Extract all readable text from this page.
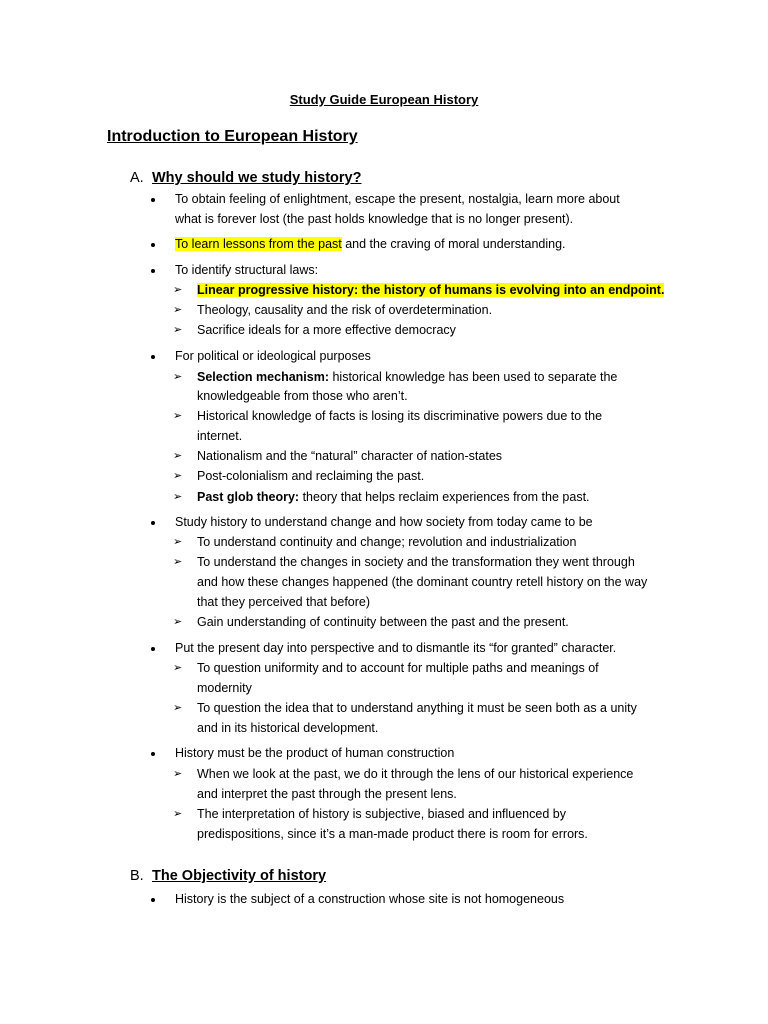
Study Guide European History
Introduction to European History
A. Why should we study history?
To obtain feeling of enlightment, escape the present, nostalgia, learn more about
what is forever lost (the past holds knowledge that is no longer present).
To learn lessons from the past and the craving of moral understanding.
To identify structural laws:
➢ Linear progressive history: the history of humans is evolving into an endpoint.
➢ Theology, causality and the risk of overdetermination.
➢ Sacrifice ideals for a more effective democracy
For political or ideological purposes
➢ Selection mechanism: historical knowledge has been used to separate the
knowledgeable from those who aren’t.
➢ Historical knowledge of facts is losing its discriminative powers due to the
internet.
➢ Nationalism and the “natural” character of nation-states
➢ Post-colonialism and reclaiming the past.
➢ Past glob theory: theory that helps reclaim experiences from the past.
Study history to understand change and how society from today came to be
➢ To understand continuity and change; revolution and industrialization
➢ To understand the changes in society and the transformation they went through
and how these changes happened (the dominant country retell history on the way
that they perceived that before)
➢ Gain understanding of continuity between the past and the present.
Put the present day into perspective and to dismantle its “for granted” character.
➢ To question uniformity and to account for multiple paths and meanings of
modernity
➢ To question the idea that to understand anything it must be seen both as a unity
and in its historical development.
History must be the product of human construction
➢ When we look at the past, we do it through the lens of our historical experience
and interpret the past through the present lens.
➢ The interpretation of history is subjective, biased and influenced by
predispositions, since it’s a man-made product there is room for errors.
B. The Objectivity of history
History is the subject of a construction whose site is not homogeneous
